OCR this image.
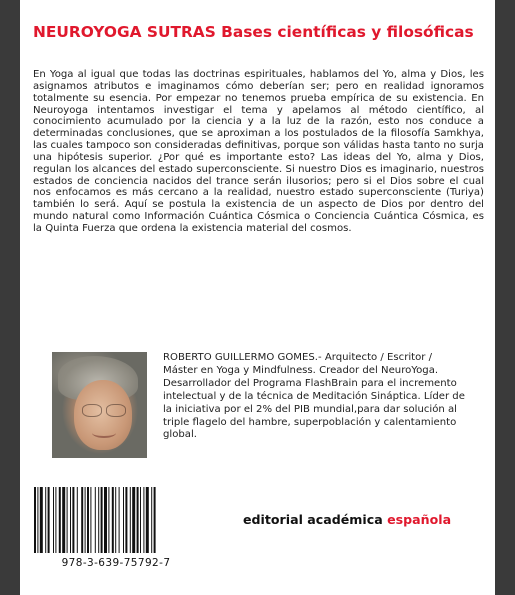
NEUROYOGA SUTRAS Bases científicas y filosóficas
En Yoga al igual que todas las doctrinas espirituales, hablamos del Yo, alma y Dios, les asignamos atributos e imaginamos cómo deberían ser; pero en realidad ignoramos totalmente su esencia. Por empezar no tenemos prueba empírica de su existencia. En Neuroyoga intentamos investigar el tema y apelamos al método científico, al conocimiento acumulado por la ciencia y a la luz de la razón, esto nos conduce a determinadas conclusiones, que se aproximan a los postulados de la filosofía Samkhya, las cuales tampoco son consideradas definitivas, porque son válidas hasta tanto no surja una hipótesis superior. ¿Por qué es importante esto? Las ideas del Yo, alma y Dios, regulan los alcances del estado superconsciente. Si nuestro Dios es imaginario, nuestros estados de conciencia nacidos del trance serán ilusorios; pero si el Dios sobre el cual nos enfocamos es más cercano a la realidad, nuestro estado superconsciente (Turiya) también lo será. Aquí se postula la existencia de un aspecto de Dios por dentro del mundo natural como Información Cuántica Cósmica o Conciencia Cuántica Cósmica, es la Quinta Fuerza que ordena la existencia material del cosmos.
ROBERTO GUILLERMO GOMES.- Arquitecto / Escritor / Máster en Yoga y Mindfulness. Creador del NeuroYoga. Desarrollador del Programa FlashBrain para el incremento intelectual y de la técnica de Meditación Sináptica. Líder de la iniciativa por el 2% del PIB mundial,para dar solución al triple flagelo del hambre, superpoblación y calentamiento global.
978-3-639-75792-7
editorial académica española
